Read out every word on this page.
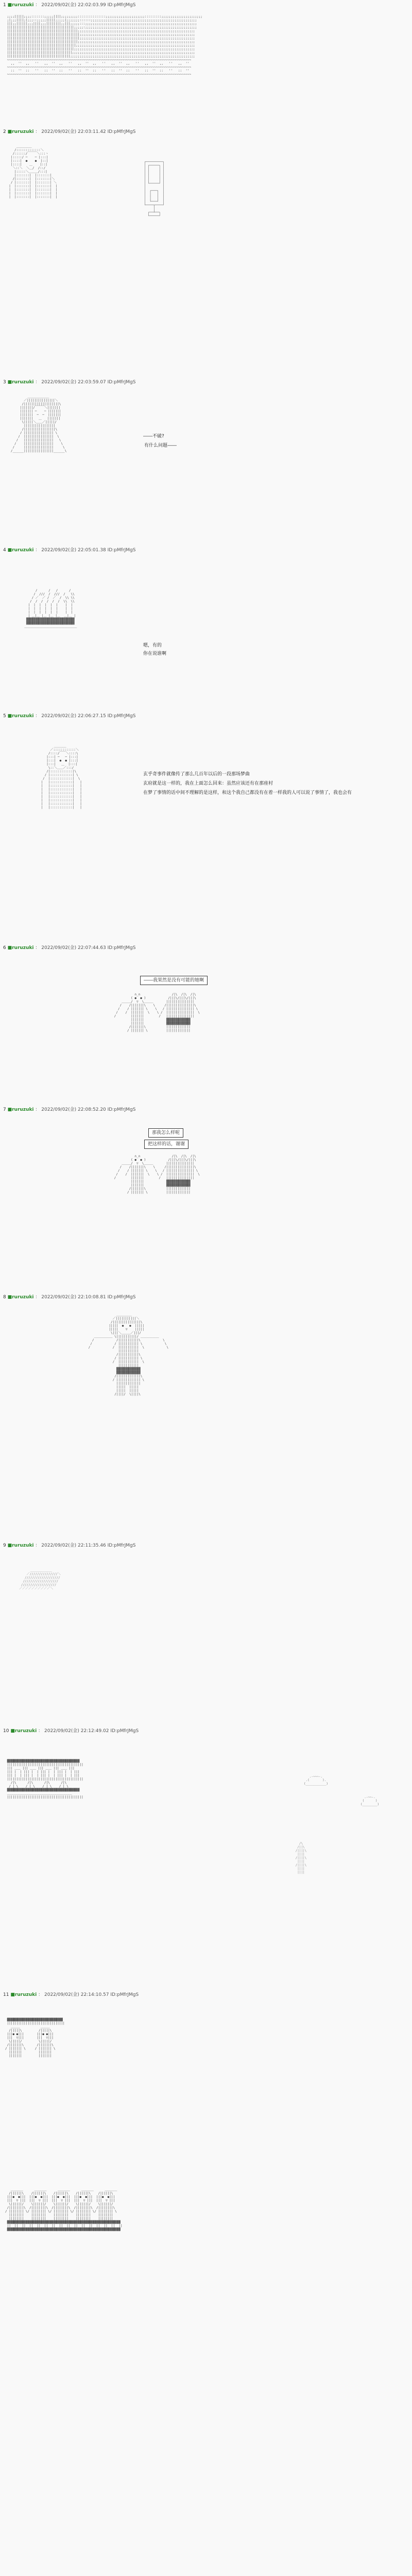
1 ■ruruzuki ： 2022/09/02(金) 22:02:03.99 ID:pMfrJMgS

;;;;|||||;;;;:::::::;;;;;||||;;;;;;;;;:::::::::::::::;;;;;;;;;;;;;;;;;;;;;:::::::::;;;;;;;;;;;;;;;;;;;;;;
;|;;;||||;|;;;::;;;;;|||||;;;;;|;;;;;;;::::::;;;;;;;;;;;;;;;;;;;;;;;;;;;;;;;;;;;;;;;;;;;;;;;;;;;;;;;;;
|||;;||||||;;;||||;;;||||||||;;|||;;;;;:::;;;;;;;;;;;;;;;;;;;;;;;;;;;;;;;;;;;;;;;;;;;;;;;;;;;;;;;;;;;;
||||||||||||||||||||||||||||||||||||;;;;;:;;;;;;;;;;;;;;;;;;;;;;;;;;;;;;;;;;;;;;;;;;;;;;;;;;;;;;;;;;;;
||||||||||||||||||||||||||||||||||||||;;;;;;;;;;;;;;;;;;;;;;;;;;;;;;;;;;;;;;;;;;;;;;;;;;;;;;;;;;;;;;;
|||||||||||||||||||||||||||||||||||||||;;;;;;;;;;;;;;;;;;;;;;;;;;;;;;;;;;;;;;;;;;;;;;;;;;;;;;;;;;;;;;
|||||||||||||||||||||||||||||||||||||||;;;;;;;;;;;;;;;;;;;;;;;;;;;;;;;;;;;;;;;;;;;;;;;;;;;;;;;;;;;;;;
||||||||||||||||||||||||||||||||||||||;;;;;;;;;;;;;;;;;;;;;;;;;;;;;;;;;;;;;;;;;;;;;;;;;;;;;;;;;;;;;;;
|||||||||||||||||||||||||||||||||||||;;;;;;;;;;;;;;;;;;;;;;;;;;;;;;;;;;;;;;;;;;;;;;;;;;;;;;;;;;;;;;;;
||||||||||||||||||||||||||||||||||||;;;;;;;;;;;;;;;;;;;;;;;;;;;;;;;;;;;;;;;;;;;;;;;;;;;;;;;;;;;;;;;;;
|||||||||||||||||||||||||||||||||||;;;;;;;;;;;;;;;;;;;;;;;;;;;;;;;;;;;;;;;;;;;;;;;;;;;;;;;;;;;;;;;;;;
||||||||||||||||||||||||||||||||||;;;;;;;;;;;;;;;;;;;;;;;;;;;;;;;;;;;;;;;;;;;;;;;;;;;;;;;;;;;;;;;;;;;
~~~~~~~~~~~~~~~~~~~~~~~~~~~~~~~~~~~~~~~~~~~~~~~~~~~~~~~~~~~~~~~~~~~~~~~~~~~~~~~~~~~~~~~~~~~~~~~~~~~
,,  ''  ,,   ''   ,,  ''  ,,   ''   ,,  ''  ,,   ''   ,,  ''  ,,   ''   ,,  ''  ,,   ''   ,,  ''
~~~~~~~~~~~~~~~~~~~~~~~~~~~~~~~~~~~~~~~~~~~~~~~~~~~~~~~~~~~~~~~~~~~~~~~~~~~~~~~~~~~~~~~~~~~~~~~~~~~
::  ''  ::   ''   ::  ''  ::   ''   ::  ''  ::   ''   ::  ''  ::   ''   ::  ''  ::   ''   ::  ''
~~~~~~~~~~~~~~~~~~~~~~~~~~~~~~~~~~~~~~~~~~~~~~~~~~~~~~~~~~~~~~~~~~~~~~~~~~~~~~~~~~~~~~~~~~~~~~~~~~~

2 ■ruruzuki ： 2022/09/02(金) 22:03:11.42 ID:pMfrJMgS

＿＿＿＿＿
/:::::::::::::＼
/::::::/￣￣￣＼:::ヽ
|:::::/ ─    ─ |:::|
|::::|  ●    ●  |::|
|::::|    ＿    |::|
＼::＼  ＼＿/  /::/
|:::::＼＿＿＿/:::|
|:::::::|  |:::::::|
/|:::::::|  |:::::::|＼
/ |:::::::|  |:::::::| ＼
|  |:::::::|  |:::::::|  |
|  |:::::::|  |:::::::|  |
|  |:::::::|  |:::::::|  |
|  |:::::::|  |:::::::|  |

┌─────────┐
│ ┌─────┐ │
│ │     │ │
│ │     │ │
│ │     │ │
│ │     │ │
│ └─────┘ │
│         │
│  ┌───┐  │
│  │   │  │
│  │   │  │
│  └───┘  │
└────┬────┘
│
┌──┴──┐
└─────┘

3 ■ruruzuki ： 2022/09/02(金) 22:03:59.07 ID:pMfrJMgS

＿＿＿＿＿＿＿
／|||||||||||||||＼
/|||||||||||||||||||\
|||||||/￣￣￣＼|||||||
||||||| ─    ─ |||||||
|||||||  ─  ─  |||||||
|||||||   ＿   |||||||
\|||||＼＿＿／|||||/
|||||||||||||||||
/|||||||||||||||||\
/ |||||||||||||||| \
/  ||||||||||||||||  \
/   ||||||||||||||||   \
/    ||||||||||||||||    \
/     ||||||||||||||||     \
/______||||||||||||||||______\

――不破?
有什么问题――
4 ■ruruzuki ： 2022/09/02(金) 22:05:01.38 ID:pMfrJMgS

/      /   /      /
/  ///  /  ///  /   \\
/ ／  ／ /  ／  /  \\ \\
/  /  /  /  /  /  \\  \\
|  |  |  |  |  |    |  |
|  |  |  |  |  |    |  |
|  |  |  |  |  |    |  |
| ＿|＿ |＿ |＿ |＿  ＿|＿ |
▓▓▓▓▓▓▓▓▓▓▓▓▓▓▓▓▓▓▓▓▓▓▓▓▓▓
▓▓▓▓▓▓▓▓▓▓▓▓▓▓▓▓▓▓▓▓▓▓▓▓▓▓
＿＿＿＿＿＿＿＿＿＿＿＿＿＿＿＿＿

嗯，有的
你在说谁啊
5 ■ruruzuki ： 2022/09/02(金) 22:06:27.15 ID:pMfrJMgS

＿＿＿＿
／::::::::::::＼
/::::/￣￣＼::::\
|:::| ─   ─ |:::|
|:::|  ●  ● |:::|
|:::|   ＿  |:::|
\::＼＿＿／:::/
/|::::::::::::|\
/ |::::::::::::| \
/  |::::::::::::|  \
|   |::::::::::::|   |
|   |::::::::::::|   |
|   |::::::::::::|   |
|   |::::::::::::|   |
|   |::::::::::::|   |
|   |::::::::::::|   |
|   |::::::::::::|   |
|   |::::::::::::|   |

玄乎奇事件就像传了那么几百年以后的一段那场梦曲
玄府就是这一样的，我在上面怎么回来：虽然应该还有在那座村
在梦了事情的话中间不理解的是这样，和这个我自己都没有在着一样我的人可以说了事情了，我也会有
6 ■ruruzuki ： 2022/09/02(金) 22:07:44.63 ID:pMfrJMgS
――我果然是没有可能的她啊

∩_∩                 /|\  /|\  /|\
( ●  ● )            /|||\/|||\/|||\
＿＿＿/  ▽  \＿＿＿       |||||||||||||||
/    /|||||||\    \     /|||||||||||||||\
/    / ||||||| \    \   / ||||||||||||||| \
/    /  |||||||  \    \ /  |||||||||||||||  \
/        |||||||        /   |||||||||||||||
|||||||            ▓▓▓▓▓▓▓▓▓▓▓▓▓
|||||||            ▓▓▓▓▓▓▓▓▓▓▓▓▓
/|||||||\           |||||||||||||
/ ||||||| \          |||||||||||||

7 ■ruruzuki ： 2022/09/02(金) 22:08:52.20 ID:pMfrJMgS
那我怎么样呢
把这样的话，谢谢

∩_∩                 /|\  /|\  /|\
( ●  ● )            /|||\/|||\/|||\
＿＿＿/  ▽  \＿＿＿       |||||||||||||||
/    /|||||||\    \     /|||||||||||||||\
/    / ||||||| \    \   / ||||||||||||||| \
/    /  |||||||  \    \ /  |||||||||||||||  \
/        |||||||        /   |||||||||||||||
|||||||            ▓▓▓▓▓▓▓▓▓▓▓▓▓
|||||||            ▓▓▓▓▓▓▓▓▓▓▓▓▓
/|||||||\           |||||||||||||
/ ||||||| \          |||||||||||||

8 ■ruruzuki ： 2022/09/02(金) 22:10:08.81 ID:pMfrJMgS

＿＿＿＿＿
／|||||||||||＼
/|||||||||||||||\
|||||  ●   ●  |||||
|||||    ▽    |||||
\|||＼＿＿＿／|||/
＿＿＿＿＿＿ \|||||||||||/ ＿＿＿＿＿＿
/            /|||||||||||\            \
/            / ||||||||||| \            \
/            /  |||||||||||  \            \
|||||||||||
/|||||||||||\
/ ||||||||||| \
/  |||||||||||  \
|||||||||||
▓▓▓▓▓▓▓▓▓▓▓▓▓
▓▓▓▓▓▓▓▓▓▓▓▓▓
/|||||||||||||\
/ ||||||||||||| \
|||||||||||||
|||||  |||||
|||||  |||||
/||||/  \||||\

9 ■ruruzuki ： 2022/09/02(金) 22:11:35.46 ID:pMfrJMgS

＿＿＿＿＿＿＿
／///////////////＼
///////////////////
///////////////////
///////////////////
／／／／／／／／／／＼

10 ■ruruzuki ： 2022/09/02(金) 22:12:49.02 ID:pMfrJMgS

▓▓▓▓▓▓▓▓▓▓▓▓▓▓▓▓▓▓▓▓▓▓▓▓▓▓▓▓▓▓▓▓▓▓▓▓▓▓▓
|||||||||||||||||||||||||||||||||||||||||
||| ＿＿ ||| ＿＿ ||| ＿＿ ||| ＿＿ |||
||| |  | ||| |  | ||| |  | ||| |  | |||
||| |  | ||| |  | ||| |  | ||| |  | |||
|||||||||||||||||||||||||||||||||||||||||
/|\      /|\      /|\      /|\
/ | \    / | \    / | \    / | \
▓▓▓▓▓▓▓▓▓▓▓▓▓▓▓▓▓▓▓▓▓▓▓▓▓▓▓▓▓▓▓▓▓▓▓▓▓▓▓
＿＿＿＿＿＿＿＿＿＿＿＿＿＿＿＿＿＿＿＿＿
|||||||||||||||||||||||||||||||||||||||||

.-~~~-.
.(       ).
(___________)

.-~~-.
(      )
(________)

/\
/||\
/||||\
||||
/||||\
||||
/||||\
||||
||||

11 ■ruruzuki ： 2022/09/02(金) 22:14:10.57 ID:pMfrJMgS

▓▓▓▓▓▓▓▓▓▓▓▓▓▓▓▓▓▓▓▓▓▓▓▓▓▓▓▓▓▓
|||||||||||||||||||||||||||||||
＿＿＿           ＿＿＿
/|||||\         /|||||\
|||● ●|||       |||● ●|||
|||  ▽|||       |||  ▽|||
\|||||/         \|||||/
/|||||||\       /|||||||\
/ ||||||| \     / ||||||| \
|||||||         |||||||
|||||||         |||||||

＿＿＿＿      ＿＿＿＿      ＿＿＿＿      ＿＿＿＿      ＿＿＿＿
/||||||\    /||||||\    /||||||\    /||||||\    /||||||\
|||●  ●|||  |||●  ●|||  |||●  ●|||  |||●  ●|||  |||●  ●|||
|||  ▽ |||  |||  ▽ |||  |||  ▽ |||  |||  ▽ |||  |||  ▽ |||
\||||||/    \||||||/    \||||||/    \||||||/    \||||||/
/||||||||\  /||||||||\  /||||||||\  /||||||||\  /||||||||\
/ |||||||| \/ |||||||| \/ |||||||| \/ |||||||| \/ |||||||| \
||||||||    ||||||||    ||||||||    ||||||||    ||||||||
||||||||    ||||||||    ||||||||    ||||||||    ||||||||
▓▓▓▓▓▓▓▓▓▓▓▓▓▓▓▓▓▓▓▓▓▓▓▓▓▓▓▓▓▓▓▓▓▓▓▓▓▓▓▓▓▓▓▓▓▓▓▓▓▓▓▓▓▓▓▓▓▓▓▓▓
||  ||  ||  ||  ||  ||  ||  ||  ||  ||  ||  ||  ||  ||  ||  ||
▓▓▓▓▓▓▓▓▓▓▓▓▓▓▓▓▓▓▓▓▓▓▓▓▓▓▓▓▓▓▓▓▓▓▓▓▓▓▓▓▓▓▓▓▓▓▓▓▓▓▓▓▓▓▓▓▓▓▓▓▓
